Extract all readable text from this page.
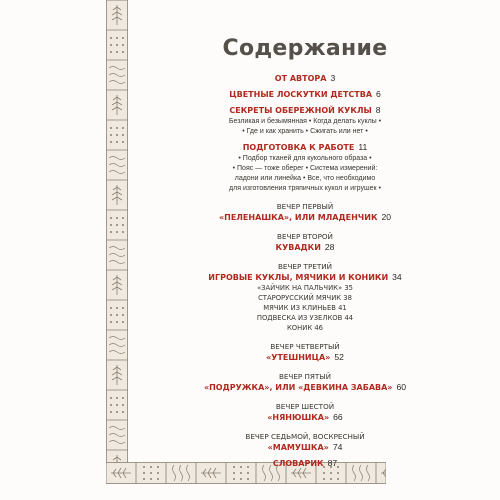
Содержание
ОТ АВТОРА 3
ЦВЕТНЫЕ ЛОСКУТКИ ДЕТСТВА 6
СЕКРЕТЫ ОБЕРЕЖНОЙ КУКЛЫ 8
Безликая и безымянная • Когда делать куклы •
• Где и как хранить • Сжигать или нет •
ПОДГОТОВКА К РАБОТЕ 11
• Подбор тканей для кукольного образа •
• Пояс — тоже оберег • Система измерений:
ладони или линейка • Все, что необходимо
для изготовления тряпичных кукол и игрушек •
ВЕЧЕР ПЕРВЫЙ
«ПЕЛЕНАШКА», ИЛИ МЛАДЕНЧИК 20
ВЕЧЕР ВТОРОЙ
КУВАДКИ 28
ВЕЧЕР ТРЕТИЙ
ИГРОВЫЕ КУКЛЫ, МЯЧИКИ И КОНИКИ 34
«ЗАЙЧИК НА ПАЛЬЧИК» 35
СТАРОРУССКИЙ МЯЧИК 38
МЯЧИК ИЗ КЛИНЬЕВ 41
ПОДВЕСКА ИЗ УЗЕЛКОВ 44
КОНИК 46
ВЕЧЕР ЧЕТВЕРТЫЙ
«УТЕШНИЦА» 52
ВЕЧЕР ПЯТЫЙ
«ПОДРУЖКА», ИЛИ «ДЕВКИНА ЗАБАВА» 60
ВЕЧЕР ШЕСТОЙ
«НЯНЮШКА» 66
ВЕЧЕР СЕДЬМОЙ, ВОСКРЕСНЫЙ
«МАМУШКА» 74
СЛОВАРИК 87
